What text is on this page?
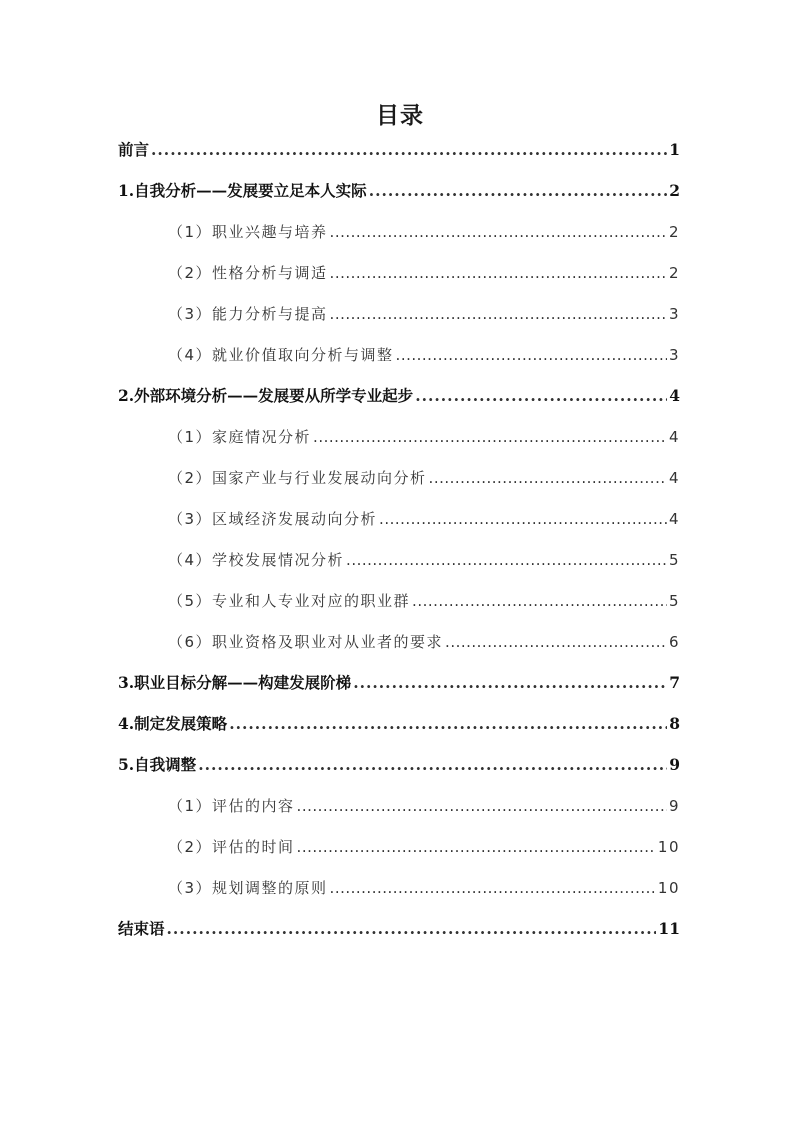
目录
前言 .....	1
1.自我分析——发展要立足本人实际 .....	2
（1）职业兴趣与培养 .....	2
（2）性格分析与调适 .....	2
（3）能力分析与提高 .....	3
（4）就业价值取向分析与调整 .....	3
2.外部环境分析——发展要从所学专业起步 .....	4
（1）家庭情况分析 .....	4
（2）国家产业与行业发展动向分析 .....	4
（3）区域经济发展动向分析 .....	4
（4）学校发展情况分析 .....	5
（5）专业和人专业对应的职业群 .....	5
（6）职业资格及职业对从业者的要求 .....	6
3.职业目标分解——构建发展阶梯 .....	7
4.制定发展策略 .....	8
5.自我调整 .....	9
（1）评估的内容 .....	9
（2）评估的时间 .....	10
（3）规划调整的原则 .....	10
结束语 .....	11
